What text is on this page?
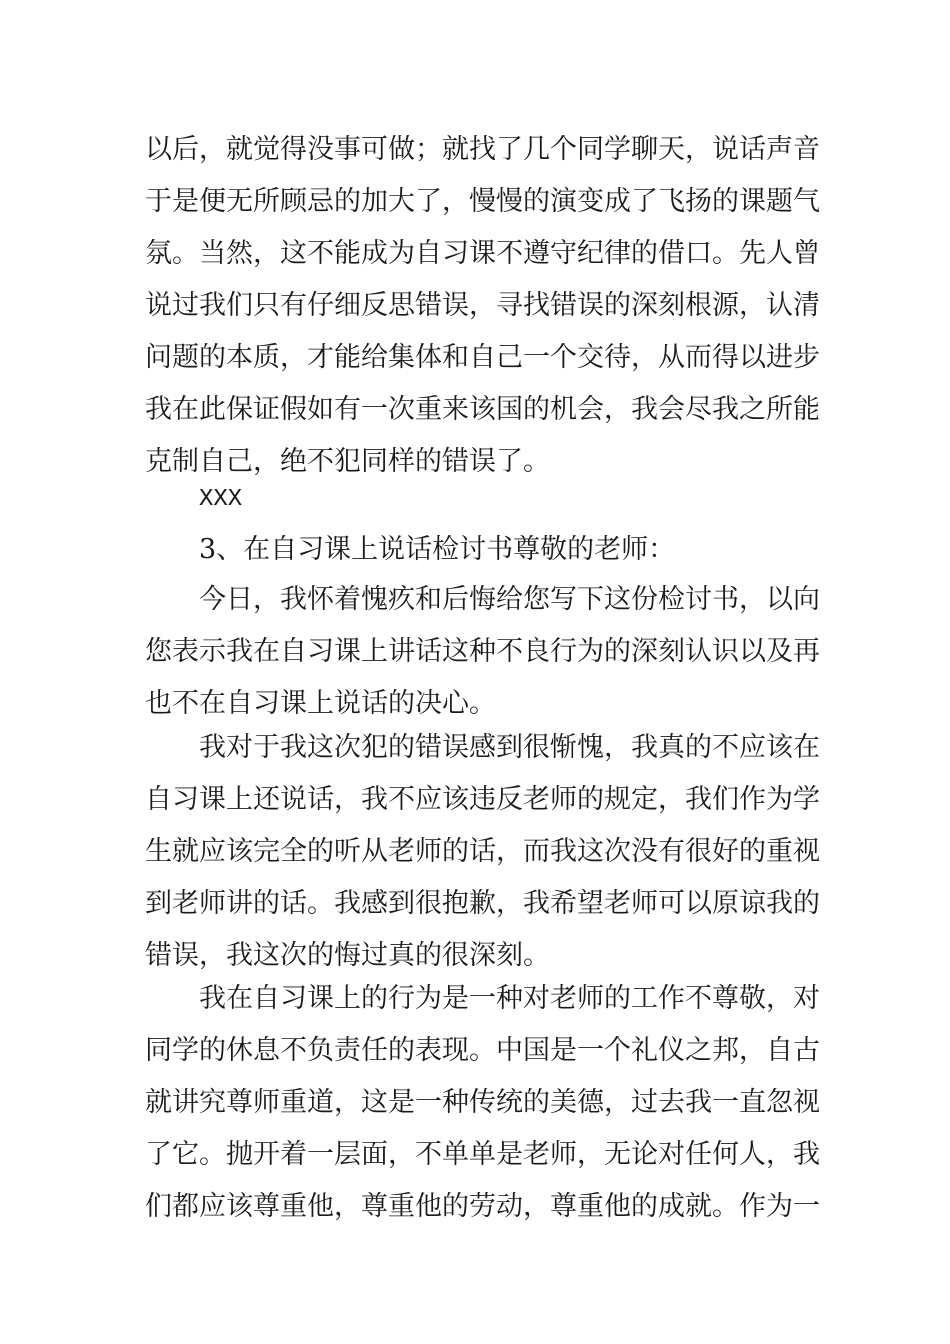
以后，就觉得没事可做；就找了几个同学聊天，说话声音
于是便无所顾忌的加大了，慢慢的演变成了飞扬的课题气
氛。当然，这不能成为自习课不遵守纪律的借口。先人曾
说过我们只有仔细反思错误，寻找错误的深刻根源，认清
问题的本质，才能给集体和自己一个交待，从而得以进步
我在此保证假如有一次重来该国的机会，我会尽我之所能
克制自己，绝不犯同样的错误了。
XXX
3、在自习课上说话检讨书尊敬的老师：
今日，我怀着愧疚和后悔给您写下这份检讨书，以向
您表示我在自习课上讲话这种不良行为的深刻认识以及再
也不在自习课上说话的决心。
我对于我这次犯的错误感到很惭愧，我真的不应该在
自习课上还说话，我不应该违反老师的规定，我们作为学
生就应该完全的听从老师的话，而我这次没有很好的重视
到老师讲的话。我感到很抱歉，我希望老师可以原谅我的
错误，我这次的悔过真的很深刻。
我在自习课上的行为是一种对老师的工作不尊敬，对
同学的休息不负责任的表现。中国是一个礼仪之邦，自古
就讲究尊师重道，这是一种传统的美德，过去我一直忽视
了它。抛开着一层面，不单单是老师，无论对任何人，我
们都应该尊重他，尊重他的劳动，尊重他的成就。作为一
